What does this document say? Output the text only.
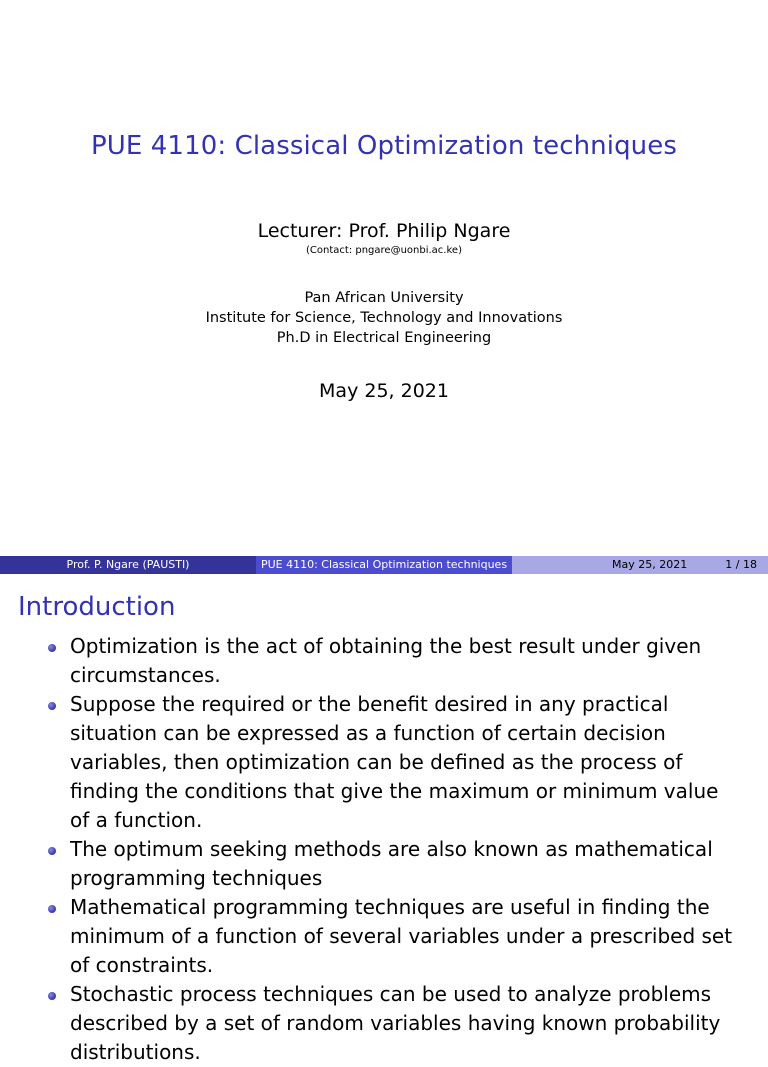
PUE 4110: Classical Optimization techniques
Lecturer: Prof. Philip Ngare
(Contact: pngare@uonbi.ac.ke)
Pan African University
Institute for Science, Technology and Innovations
Ph.D in Electrical Engineering
May 25, 2021
Prof. P. Ngare (PAUSTI)	PUE 4110: Classical Optimization techniques	May 25, 2021	1 / 18
Introduction
Optimization is the act of obtaining the best result under given circumstances.
Suppose the required or the benefit desired in any practical situation can be expressed as a function of certain decision variables, then optimization can be defined as the process of finding the conditions that give the maximum or minimum value of a function.
The optimum seeking methods are also known as mathematical programming techniques
Mathematical programming techniques are useful in finding the minimum of a function of several variables under a prescribed set of constraints.
Stochastic process techniques can be used to analyze problems described by a set of random variables having known probability distributions.
